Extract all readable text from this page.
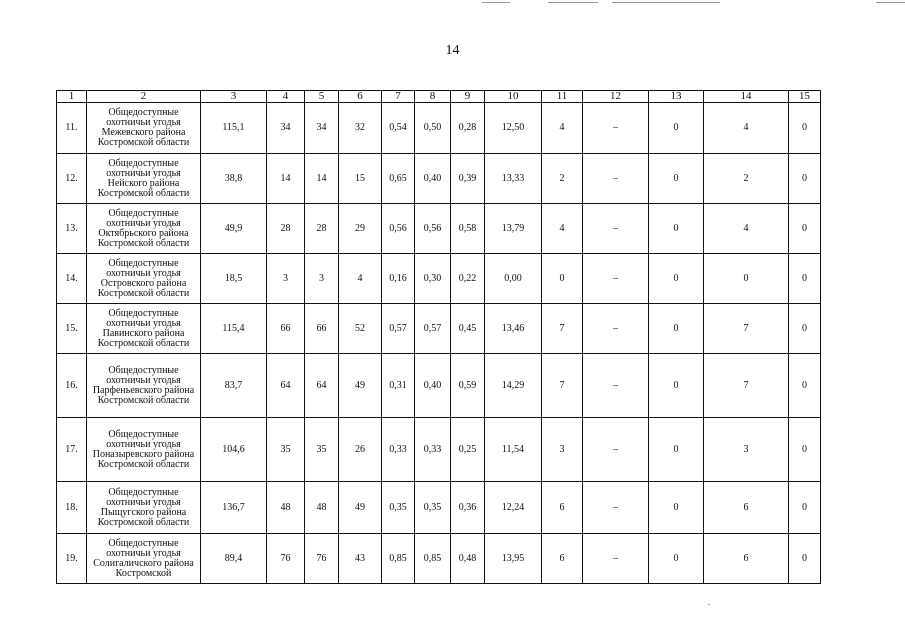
14
1	2	3	4	5	6	7	8	9	10	11	12	13	14	15
11.	Общедоступные охотничьи угодья Межевского района Костромской области	115,1	34	34	32	0,54	0,50	0,28	12,50	4	–	0	4	0
12.	Общедоступные охотничьи угодья Нейского района Костромской области	38,8	14	14	15	0,65	0,40	0,39	13,33	2	–	0	2	0
13.	Общедоступные охотничьи угодья Октябрьского района Костромской области	49,9	28	28	29	0,56	0,56	0,58	13,79	4	–	0	4	0
14.	Общедоступные охотничьи угодья Островского района Костромской области	18,5	3	3	4	0,16	0,30	0,22	0,00	0	–	0	0	0
15.	Общедоступные охотничьи угодья Павинского района Костромской области	115,4	66	66	52	0,57	0,57	0,45	13,46	7	–	0	7	0
16.	Общедоступные охотничьи угодья Парфеньевского района Костромской области	83,7	64	64	49	0,31	0,40	0,59	14,29	7	–	0	7	0
17.	Общедоступные охотничьи угодья Поназыревского района Костромской области	104,6	35	35	26	0,33	0,33	0,25	11,54	3	–	0	3	0
18.	Общедоступные охотничьи угодья Пыщугского района Костромской области	136,7	48	48	49	0,35	0,35	0,36	12,24	6	–	0	6	0
19.	Общедоступные охотничьи угодья Солигаличского района Костромской	89,4	76	76	43	0,85	0,85	0,48	13,95	6	–	0	6	0
